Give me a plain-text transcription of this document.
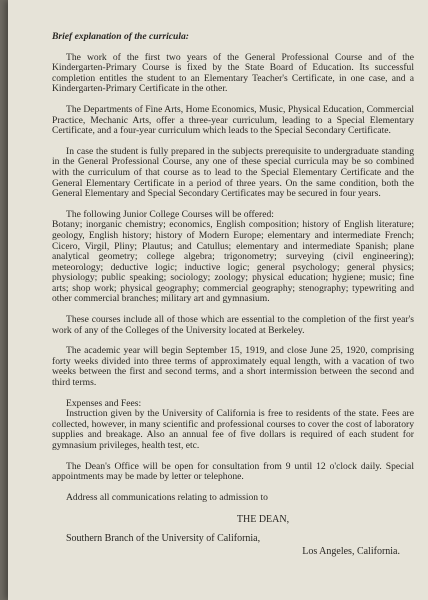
Brief explanation of the curricula:

The work of the first two years of the General Professional Course and of the Kindergarten-Primary Course is fixed by the State Board of Education. Its successful completion entitles the student to an Elementary Teacher's Certificate, in one case, and a Kindergarten-Primary Certificate in the other.

The Departments of Fine Arts, Home Economics, Music, Physical Education, Commercial Practice, Mechanic Arts, offer a three-year curriculum, leading to a Special Elementary Certificate, and a four-year curriculum which leads to the Special Secondary Certificate.

In case the student is fully prepared in the subjects prerequisite to undergraduate standing in the General Professional Course, any one of these special curricula may be so combined with the curriculum of that course as to lead to the Special Elementary Certificate and the General Elementary Certificate in a period of three years. On the same condition, both the General Elementary and Special Secondary Certificates may be secured in four years.

The following Junior College Courses will be offered:

Botany; inorganic chemistry; economics, English composition; history of English literature; geology, English history; history of Modern Europe; elementary and intermediate French; Cicero, Virgil, Pliny; Plautus; and Catullus; elementary and intermediate Spanish; plane analytical geometry; college algebra; trigonometry; surveying (civil engineering); meteorology; deductive logic; inductive logic; general psychology; general physics; physiology; public speaking; sociology; zoology; physical education; hygiene; music; fine arts; shop work; physical geography; commercial geography; stenography; typewriting and other commercial branches; military art and gymnasium.

These courses include all of those which are essential to the completion of the first year's work of any of the Colleges of the University located at Berkeley.

The academic year will begin September 15, 1919, and close June 25, 1920, comprising forty weeks divided into three terms of approximately equal length, with a vacation of two weeks between the first and second terms, and a short intermission between the second and third terms.

Expenses and Fees:

Instruction given by the University of California is free to residents of the state. Fees are collected, however, in many scientific and professional courses to cover the cost of laboratory supplies and breakage. Also an annual fee of five dollars is required of each student for gymnasium privileges, health test, etc.

The Dean's Office will be open for consultation from 9 until 12 o'clock daily. Special appointments may be made by letter or telephone.

Address all communications relating to admission to

THE DEAN,
Southern Branch of the University of California,
Los Angeles, California.
